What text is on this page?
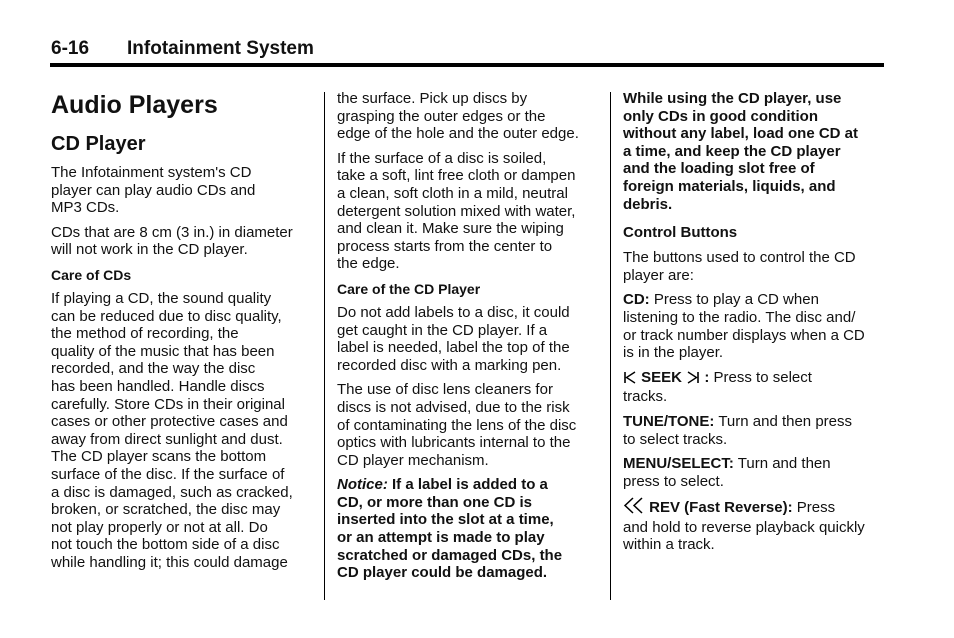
6-16 Infotainment System
Audio Players
CD Player

The Infotainment system's CD
player can play audio CDs and
MP3 CDs.

CDs that are 8 cm (3 in.) in diameter
will not work in the CD player.

Care of CDs

If playing a CD, the sound quality
can be reduced due to disc quality,
the method of recording, the
quality of the music that has been
recorded, and the way the disc
has been handled. Handle discs
carefully. Store CDs in their original
cases or other protective cases and
away from direct sunlight and dust.
The CD player scans the bottom
surface of the disc. If the surface of
a disc is damaged, such as cracked,
broken, or scratched, the disc may
not play properly or not at all. Do
not touch the bottom side of a disc
while handling it; this could damage

the surface. Pick up discs by
grasping the outer edges or the
edge of the hole and the outer edge.

If the surface of a disc is soiled,
take a soft, lint free cloth or dampen
a clean, soft cloth in a mild, neutral
detergent solution mixed with water,
and clean it. Make sure the wiping
process starts from the center to
the edge.

Care of the CD Player

Do not add labels to a disc, it could
get caught in the CD player. If a
label is needed, label the top of the
recorded disc with a marking pen.

The use of disc lens cleaners for
discs is not advised, due to the risk
of contaminating the lens of the disc
optics with lubricants internal to the
CD player mechanism.

Notice: If a label is added to a
CD, or more than one CD is
inserted into the slot at a time,
or an attempt is made to play
scratched or damaged CDs, the
CD player could be damaged.

While using the CD player, use
only CDs in good condition
without any label, load one CD at
a time, and keep the CD player
and the loading slot free of
foreign materials, liquids, and
debris.

Control Buttons

The buttons used to control the CD
player are:

CD: Press to play a CD when
listening to the radio. The disc and/
or track number displays when a CD
is in the player.

SEEK : Press to select
tracks.

TUNE/TONE: Turn and then press
to select tracks.

MENU/SELECT: Turn and then
press to select.

REV (Fast Reverse): Press
and hold to reverse playback quickly
within a track.
